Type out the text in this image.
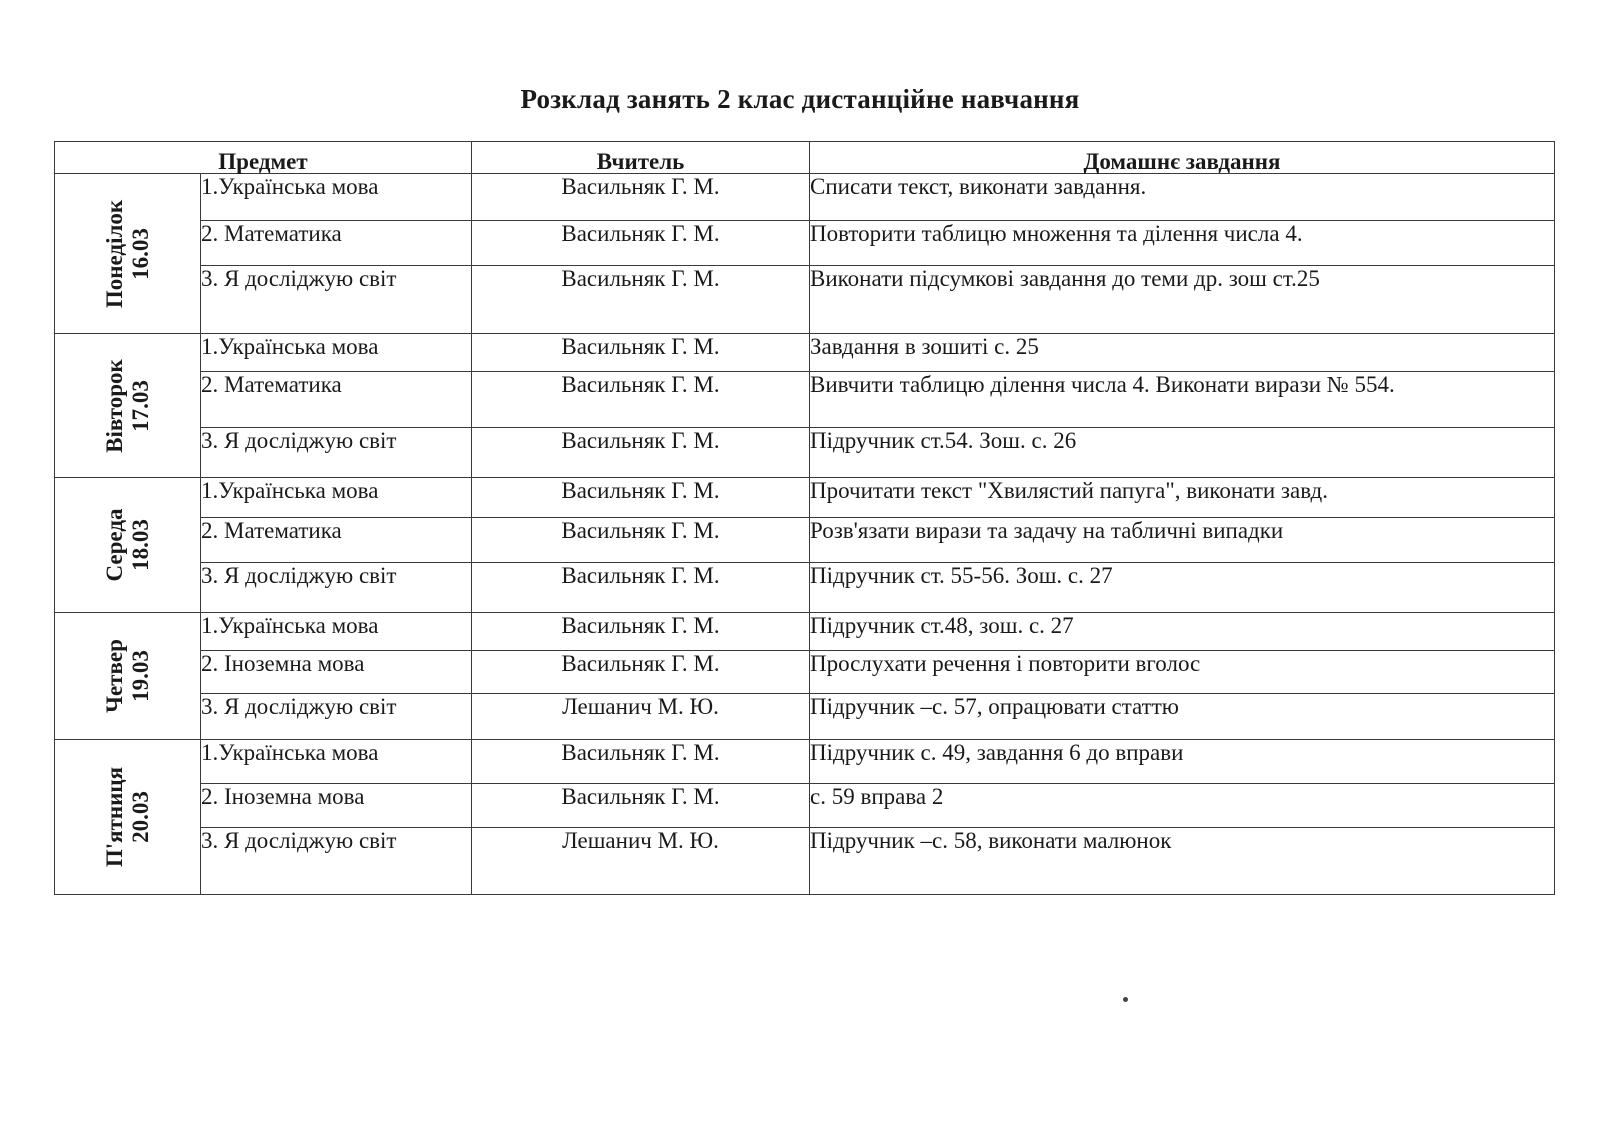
Розклад занять 2 клас дистанційне навчання
Предмет		Вчитель	Домашнє завдання

Понеділок 16.03	1.Українська мова	Васильняк Г. М.	Списати текст, виконати завдання.
	2. Математика	Васильняк Г. М.	Повторити таблицю множення та ділення числа 4.
	3. Я досліджую світ	Васильняк Г. М.	Виконати підсумкові завдання до теми др. зош ст.25

Вівторок 17.03	1.Українська мова	Васильняк Г. М.	Завдання в зошиті с. 25
	2. Математика	Васильняк Г. М.	Вивчити таблицю ділення числа 4. Виконати вирази № 554.
	3. Я досліджую світ	Васильняк Г. М.	Підручник ст.54. Зош. с. 26

Середа 18.03	1.Українська мова	Васильняк Г. М.	Прочитати текст "Хвилястий папуга", виконати завд.
	2. Математика	Васильняк Г. М.	Розв'язати вирази та задачу на табличні випадки
	3. Я досліджую світ	Васильняк Г. М.	Підручник ст. 55-56. Зош. с. 27

Четвер 19.03	1.Українська мова	Васильняк Г. М.	Підручник ст.48, зош. с. 27
	2. Іноземна мова	Васильняк Г. М.	Прослухати речення і повторити вголос
	3. Я досліджую світ	Лешанич М. Ю.	Підручник –с. 57, опрацювати статтю

П'ятниця 20.03	1.Українська мова	Васильняк Г. М.	Підручник с. 49, завдання 6 до вправи
	2. Іноземна мова	Васильняк Г. М.	с. 59 вправа 2
	3. Я досліджую світ	Лешанич М. Ю.	Підручник –с. 58, виконати малюнок
